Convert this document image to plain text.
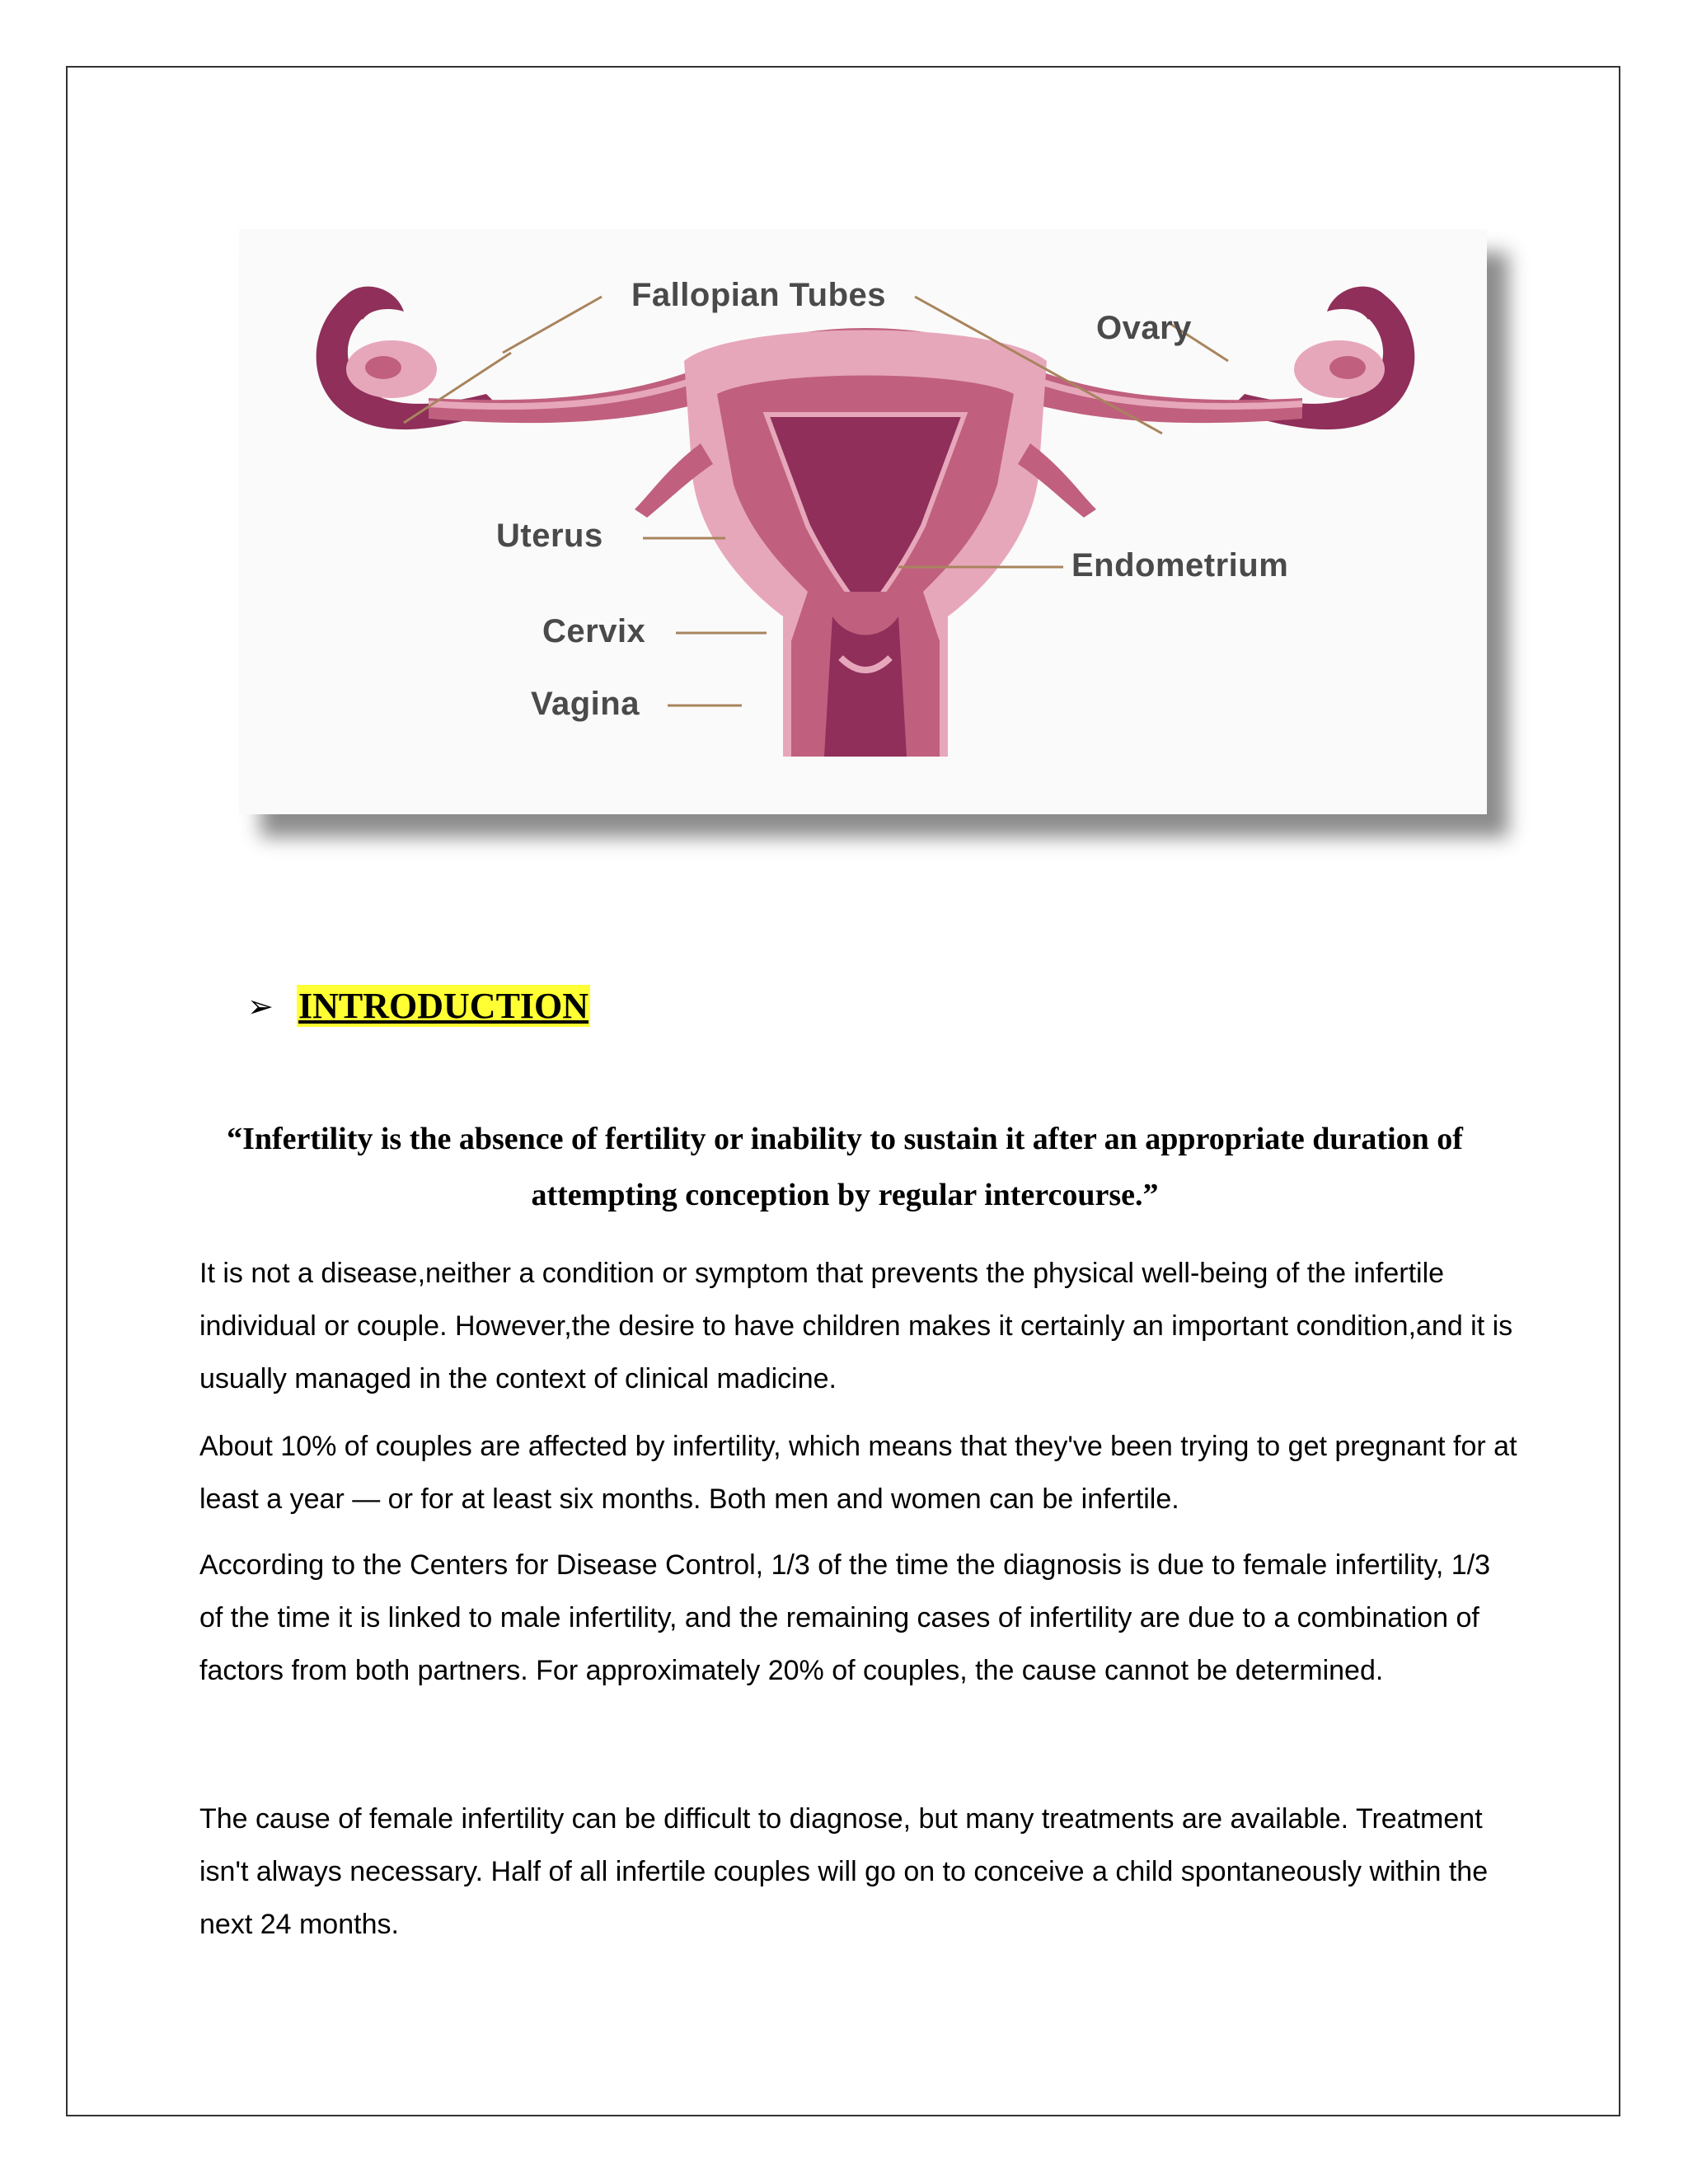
Fallopian Tubes
Ovary
Uterus
Endometrium
Cervix
Vagina
➢ INTRODUCTION
“Infertility is the absence of fertility or inability to sustain it after an appropriate duration of attempting conception by regular intercourse.”

It is not a disease,neither a condition or symptom that prevents the physical well-being of the infertile individual or couple. However,the desire to have children makes it certainly an important condition,and it is usually managed in the context of clinical madicine.

About 10% of couples are affected by infertility, which means that they've been trying to get pregnant for at least a year — or for at least six months. Both men and women can be infertile.

According to the Centers for Disease Control, 1/3 of the time the diagnosis is due to female infertility, 1/3 of the time it is linked to male infertility, and the remaining cases of infertility are due to a combination of factors from both partners. For approximately 20% of couples, the cause cannot be determined.

The cause of female infertility can be difficult to diagnose, but many treatments are available. Treatment isn't always necessary. Half of all infertile couples will go on to conceive a child spontaneously within the next 24 months.
